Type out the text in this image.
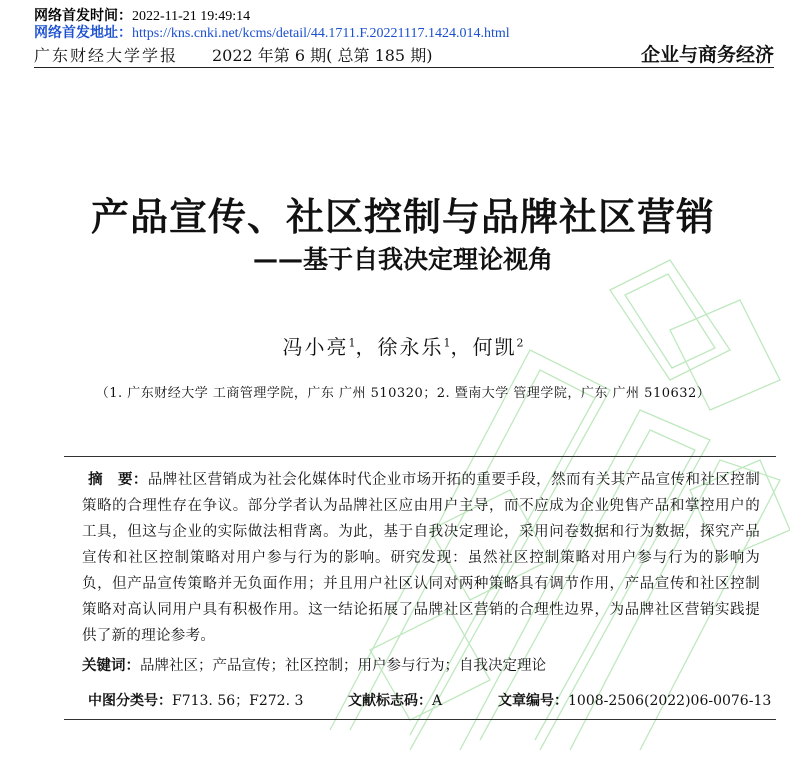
网络首发时间：2022-11-21 19:49:14
网络首发地址：https://kns.cnki.net/kcms/detail/44.1711.F.20221117.1424.014.html
广东财经大学学报 2022 年第 6 期( 总第 185 期)	企业与商务经济
产品宣传、社区控制与品牌社区营销
——基于自我决定理论视角
冯小亮$^1$，徐永乐$^1$，何凯$^2$
（1. 广东财经大学 工商管理学院，广东 广州 510320；2. 暨南大学 管理学院，广东 广州 510632）
摘　要：品牌社区营销成为社会化媒体时代企业市场开拓的重要手段，然而有关其产品宣传和社区控制策略的合理性存在争议。部分学者认为品牌社区应由用户主导，而不应成为企业兜售产品和掌控用户的工具，但这与企业的实际做法相背离。为此，基于自我决定理论，采用问卷数据和行为数据，探究产品宣传和社区控制策略对用户参与行为的影响。研究发现：虽然社区控制策略对用户参与行为的影响为负，但产品宣传策略并无负面作用；并且用户社区认同对两种策略具有调节作用，产品宣传和社区控制策略对高认同用户具有积极作用。这一结论拓展了品牌社区营销的合理性边界，为品牌社区营销实践提供了新的理论参考。
关键词：品牌社区；产品宣传；社区控制；用户参与行为；自我决定理论
中图分类号：F713. 56；F272. 3	文献标志码：A	文章编号：1008-2506(2022)06-0076-13
